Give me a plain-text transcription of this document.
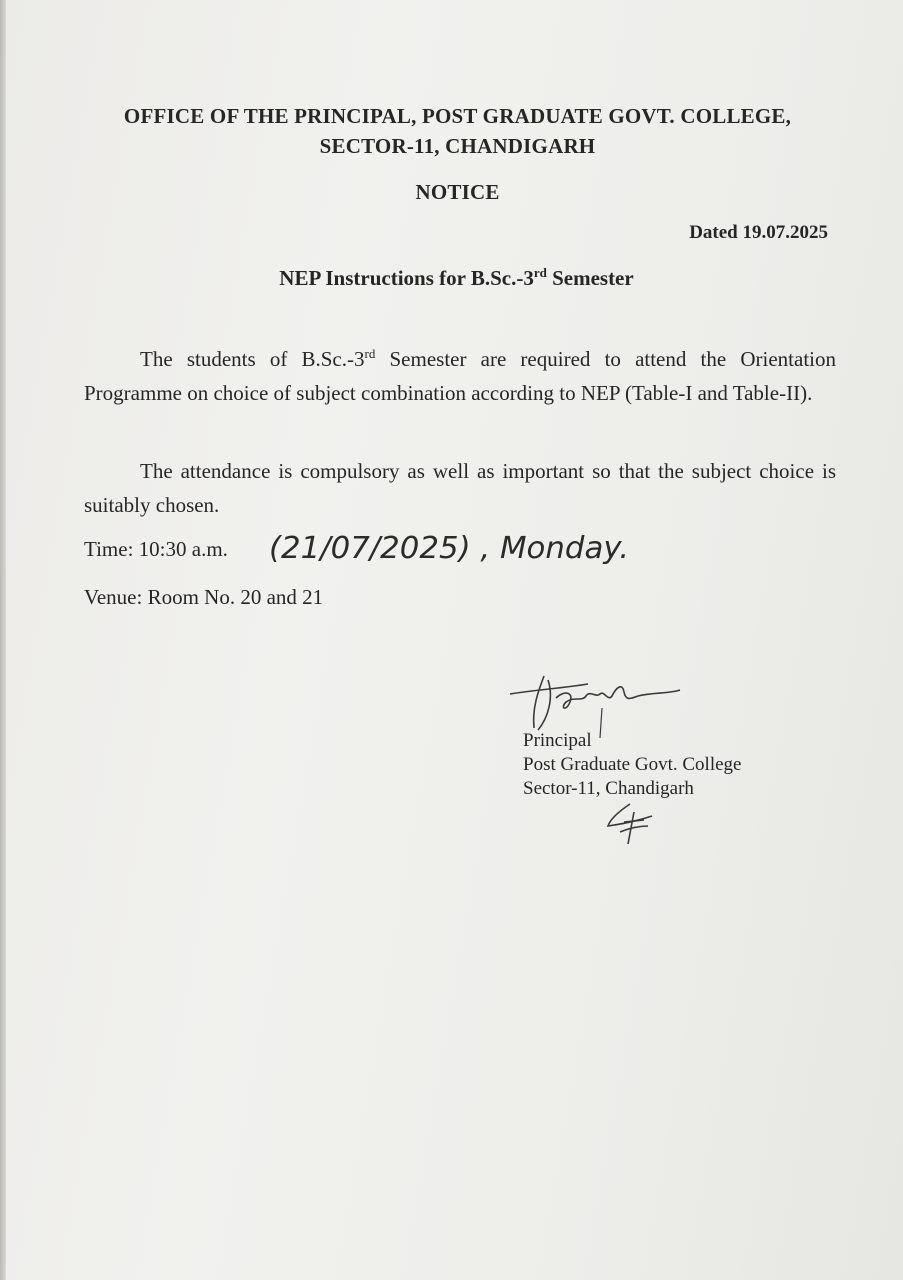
OFFICE OF THE PRINCIPAL, POST GRADUATE GOVT. COLLEGE,
SECTOR-11, CHANDIGARH
NOTICE
Dated 19.07.2025
NEP Instructions for B.Sc.-3rd Semester
The students of B.Sc.-3rd Semester are required to attend the Orientation Programme on choice of subject combination according to NEP (Table-I and Table-II).
The attendance is compulsory as well as important so that the subject choice is suitably chosen.
Time: 10:30 a.m. (21/07/2025) , Monday.
Venue: Room No. 20 and 21
Principal
Post Graduate Govt. College
Sector-11, Chandigarh
